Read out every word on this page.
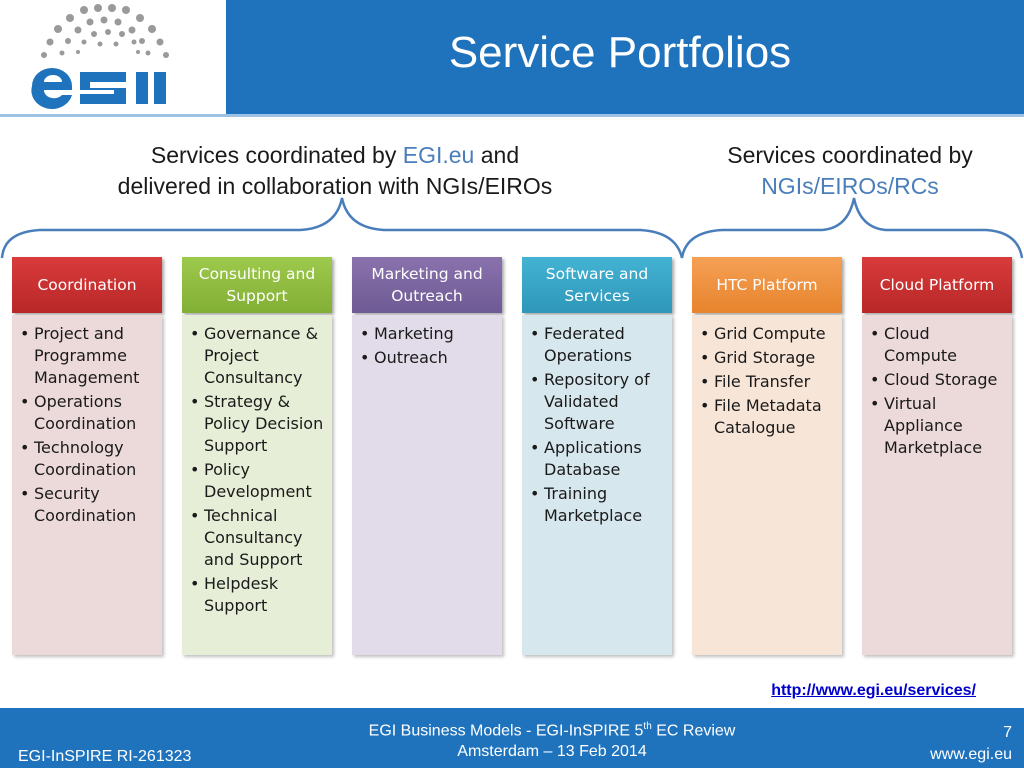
Service Portfolios
Services coordinated by EGI.eu and
delivered in collaboration with NGIs/EIROs
Services coordinated by
NGIs/EIROs/RCs
Coordination
• Project and Programme Management
• Operations Coordination
• Technology Coordination
• Security Coordination
Consulting and Support
• Governance & Project Consultancy
• Strategy & Policy Decision Support
• Policy Development
• Technical Consultancy and Support
• Helpdesk Support
Marketing and Outreach
• Marketing
• Outreach
Software and Services
• Federated Operations
• Repository of Validated Software
• Applications Database
• Training Marketplace
HTC Platform
• Grid Compute
• Grid Storage
• File Transfer
• File Metadata Catalogue
Cloud Platform
• Cloud Compute
• Cloud Storage
• Virtual Appliance Marketplace
http://www.egi.eu/services/
EGI-InSPIRE RI-261323
EGI Business Models - EGI-InSPIRE 5th EC Review
Amsterdam – 13 Feb 2014
7
www.egi.eu
